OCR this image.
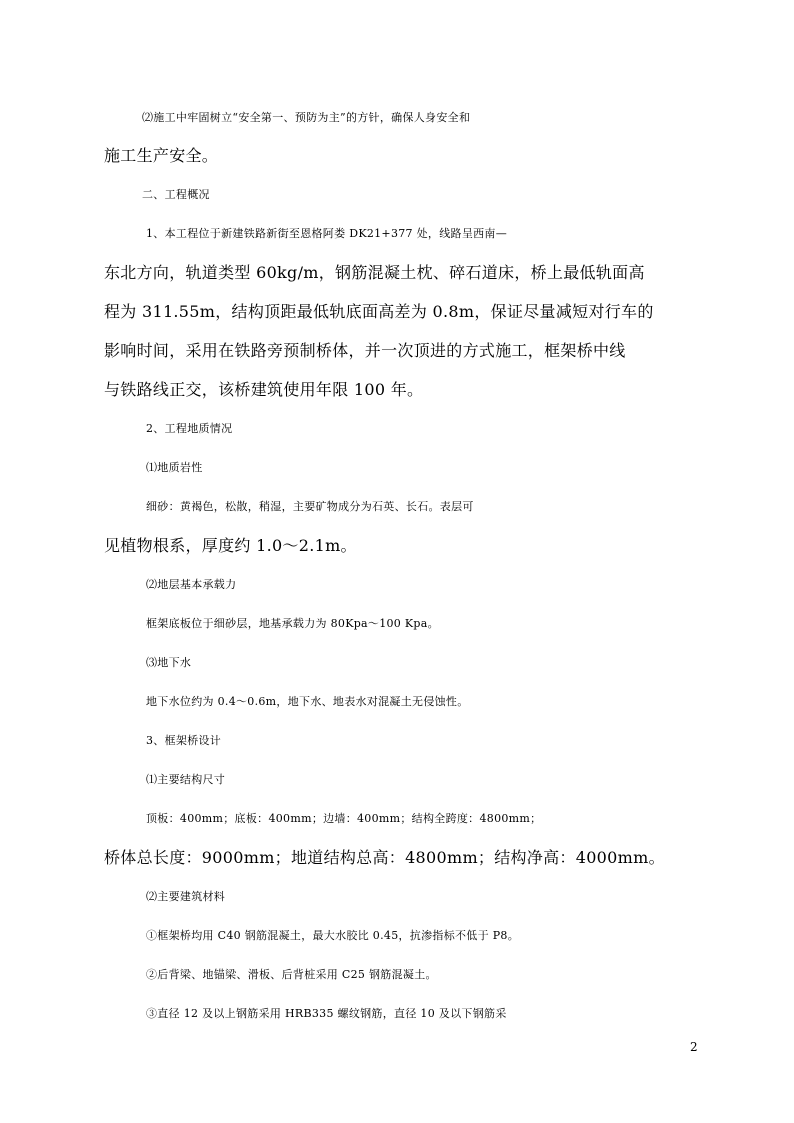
⑵施工中牢固树立“安全第一、预防为主”的方针，确保人身安全和
施工生产安全。
二、工程概况
1、本工程位于新建铁路新街至恩格阿娄 DK21+377 处，线路呈西南—
东北方向，轨道类型 60kg/m，钢筋混凝土枕、碎石道床，桥上最低轨面高
程为 311.55m，结构顶距最低轨底面高差为 0.8m，保证尽量减短对行车的
影响时间，采用在铁路旁预制桥体，并一次顶进的方式施工，框架桥中线
与铁路线正交，该桥建筑使用年限 100 年。
2、工程地质情况
⑴地质岩性
细砂：黄褐色，松散，稍湿，主要矿物成分为石英、长石。表层可
见植物根系，厚度约 1.0～2.1m。
⑵地层基本承载力
框架底板位于细砂层，地基承载力为 80Kpa～100 Kpa。
⑶地下水
地下水位约为 0.4～0.6m，地下水、地表水对混凝土无侵蚀性。
3、框架桥设计
⑴主要结构尺寸
顶板：400mm；底板：400mm；边墙：400mm；结构全跨度：4800mm；
桥体总长度：9000mm；地道结构总高：4800mm；结构净高：4000mm。
⑵主要建筑材料
①框架桥均用 C40 钢筋混凝土，最大水胶比 0.45，抗渗指标不低于 P8。
②后背梁、地锚梁、滑板、后背桩采用 C25 钢筋混凝土。
③直径 12 及以上钢筋采用 HRB335 螺纹钢筋，直径 10 及以下钢筋采
2
